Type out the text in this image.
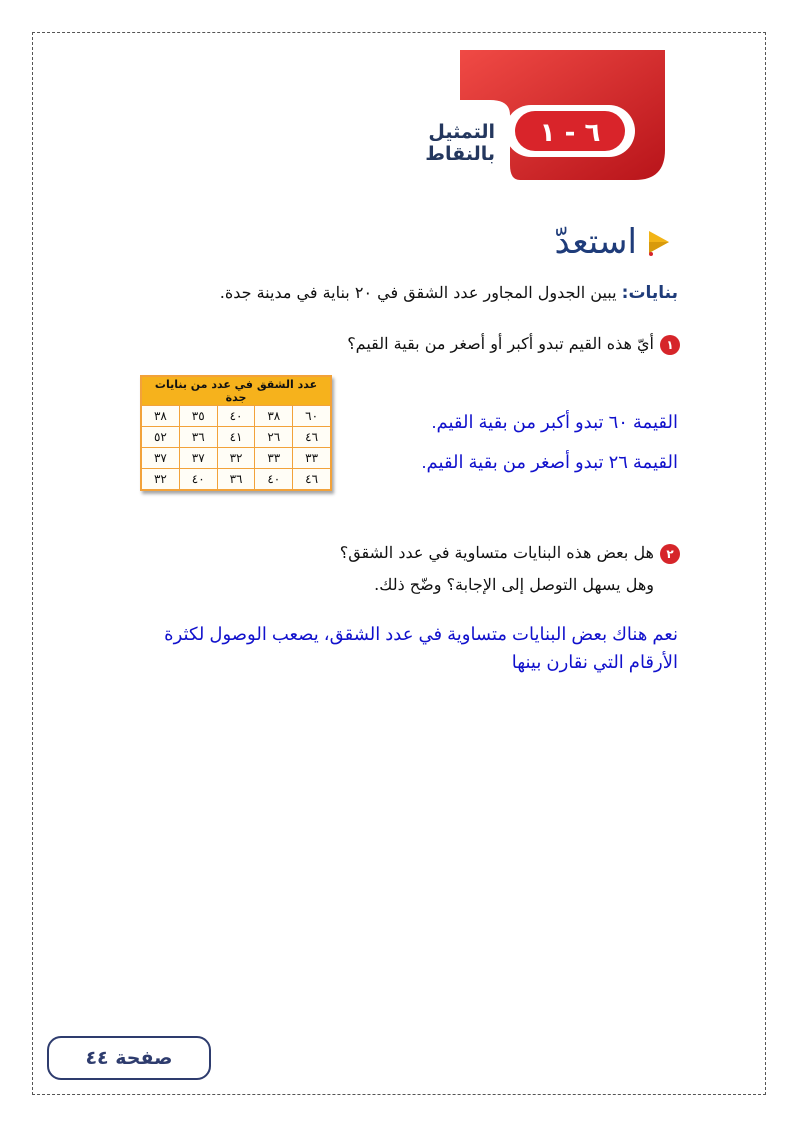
٦ - ١
التمثيل بالنقاط
استعدّ
بنايات: يبين الجدول المجاور عدد الشقق في ٢٠ بناية في مدينة جدة.
١أيّ هذه القيم تبدو أكبر أو أصغر من بقية القيم؟
عدد الشقق في عدد من بنايات جدة				
٦٠	٣٨	٤٠	٣٥	٣٨
٤٦	٢٦	٤١	٣٦	٥٢
٣٣	٣٣	٣٢	٣٧	٣٧
٤٦	٤٠	٣٦	٤٠	٣٢
القيمة ٦٠ تبدو أكبر من بقية القيم.
القيمة ٢٦ تبدو أصغر من بقية القيم.
٢هل بعض هذه البنايات متساوية في عدد الشقق؟
وهل يسهل التوصل إلى الإجابة؟ وضّح ذلك.
نعم هناك بعض البنايات متساوية في عدد الشقق، يصعب الوصول لكثرة الأرقام التي نقارن بينها
صفحة ٤٤
